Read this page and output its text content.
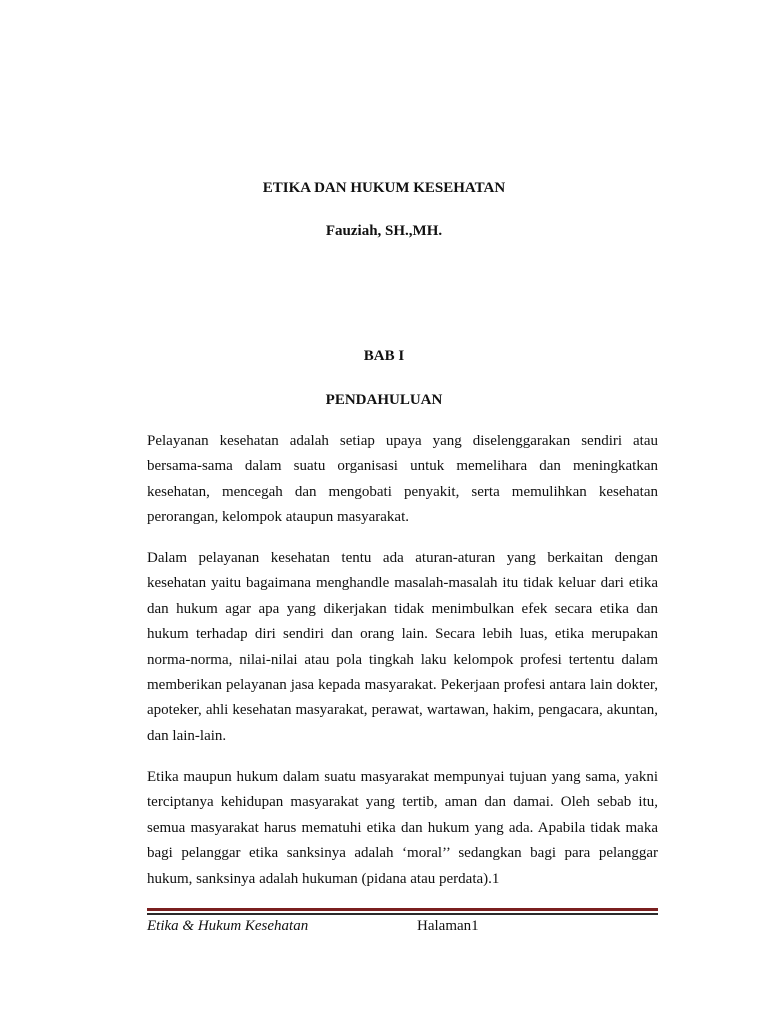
ETIKA DAN HUKUM KESEHATAN
Fauziah, SH.,MH.
BAB I
PENDAHULUAN

Pelayanan kesehatan adalah setiap upaya yang diselenggarakan sendiri atau bersama-sama dalam suatu organisasi untuk memelihara dan meningkatkan kesehatan, mencegah dan mengobati penyakit, serta memulihkan kesehatan perorangan, kelompok ataupun masyarakat.

Dalam pelayanan kesehatan tentu ada aturan-aturan yang berkaitan dengan kesehatan yaitu bagaimana menghandle masalah-masalah itu tidak keluar dari etika dan hukum agar apa yang dikerjakan tidak menimbulkan efek secara etika dan hukum terhadap diri sendiri dan orang lain. Secara lebih luas, etika merupakan norma-norma, nilai-nilai atau pola tingkah laku kelompok profesi tertentu dalam memberikan pelayanan jasa kepada masyarakat. Pekerjaan profesi antara lain dokter, apoteker, ahli kesehatan masyarakat, perawat, wartawan, hakim, pengacara, akuntan, dan lain-lain.

Etika maupun hukum dalam suatu masyarakat mempunyai tujuan yang sama, yakni terciptanya kehidupan masyarakat yang tertib, aman dan damai. Oleh sebab itu, semua masyarakat harus mematuhi etika dan hukum yang ada. Apabila tidak maka bagi pelanggar etika sanksinya adalah ‘moral’’ sedangkan bagi para pelanggar hukum, sanksinya adalah hukuman (pidana atau perdata).1

Etika & Hukum Kesehatan	Halaman1
